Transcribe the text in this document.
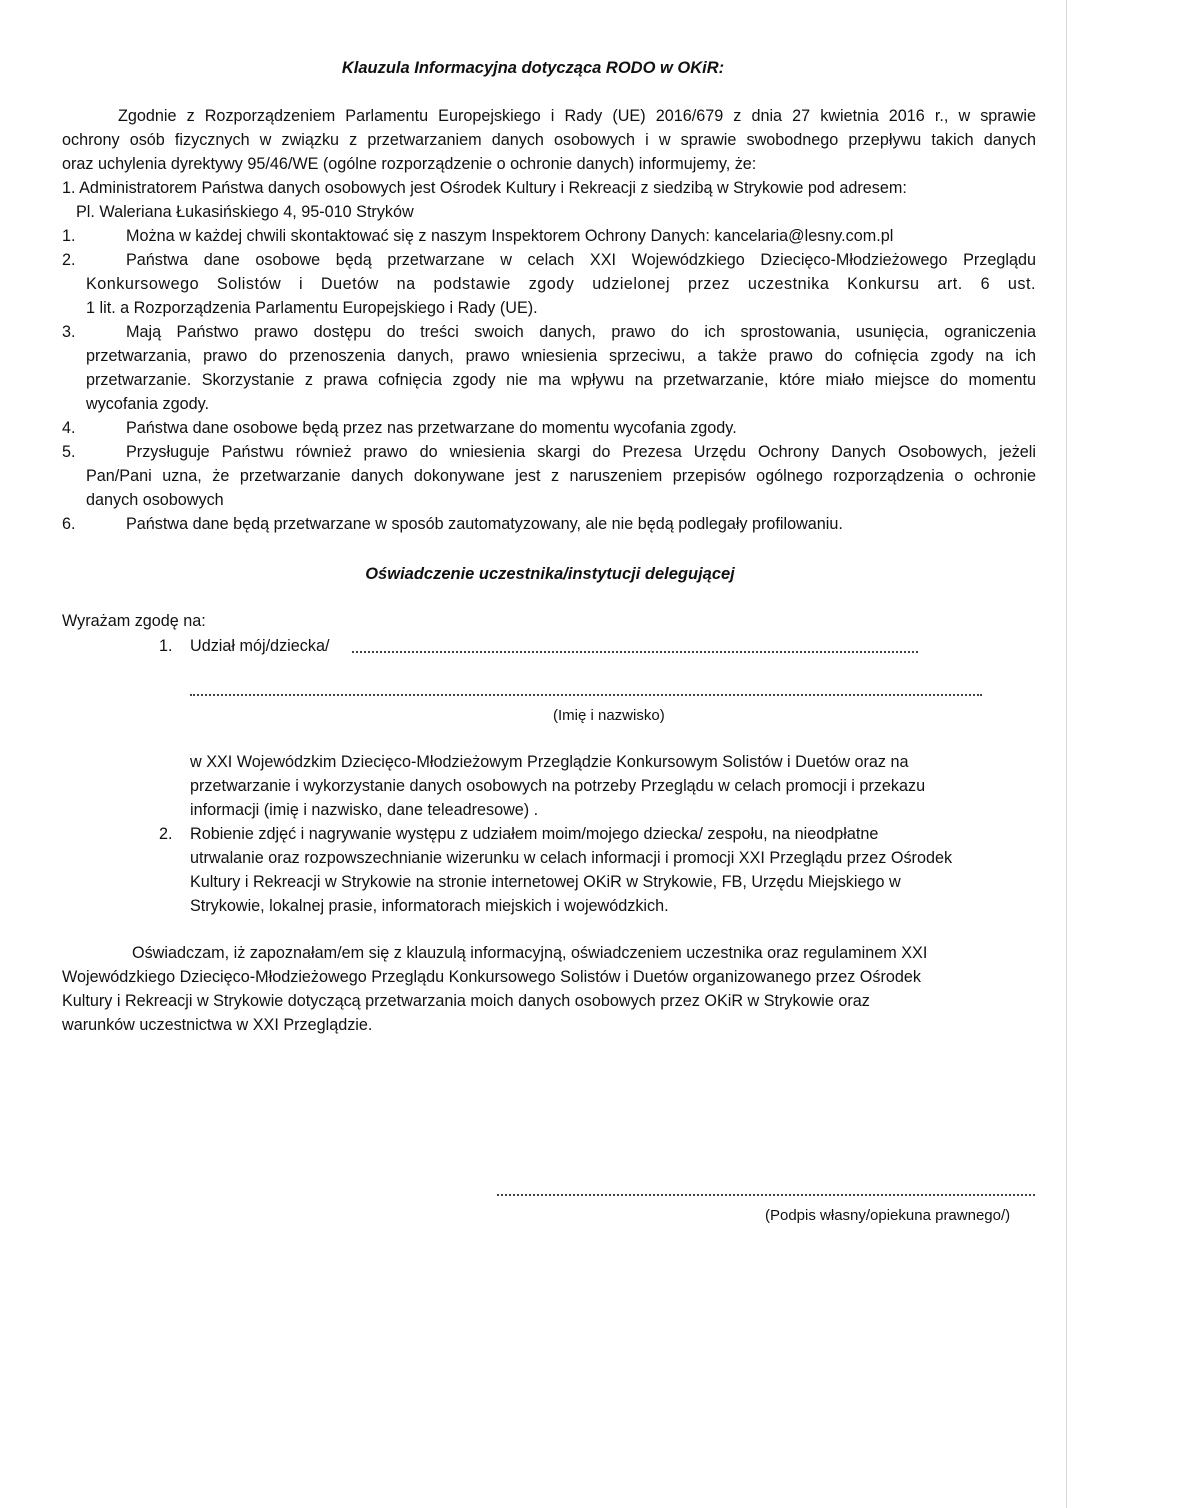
Klauzula Informacyjna dotycząca RODO w OKiR:

Zgodnie z Rozporządzeniem Parlamentu Europejskiego i Rady (UE) 2016/679 z dnia 27 kwietnia 2016 r., w sprawie

ochrony osób fizycznych w związku z przetwarzaniem danych osobowych i w sprawie swobodnego przepływu takich danych

oraz uchylenia dyrektywy 95/46/WE (ogólne rozporządzenie o ochronie danych) informujemy, że:

1. Administratorem Państwa danych osobowych jest Ośrodek Kultury i Rekreacji z siedzibą w Strykowie pod adresem:

Pl. Waleriana Łukasińskiego 4, 95-010 Stryków

1.	Można w każdej chwili skontaktować się z naszym Inspektorem Ochrony Danych: kancelaria@lesny.com.pl

2.	Państwa dane osobowe będą przetwarzane w celach XXI Wojewódzkiego Dziecięco-Młodzieżowego Przeglądu

Konkursowego Solistów i Duetów na podstawie zgody udzielonej przez uczestnika Konkursu art. 6 ust.

1 lit. a Rozporządzenia Parlamentu Europejskiego i Rady (UE).

3.	Mają Państwo prawo dostępu do treści swoich danych, prawo do ich sprostowania, usunięcia, ograniczenia

przetwarzania, prawo do przenoszenia danych, prawo wniesienia sprzeciwu, a także prawo do cofnięcia zgody na ich

przetwarzanie. Skorzystanie z prawa cofnięcia zgody nie ma wpływu na przetwarzanie, które miało miejsce do momentu

wycofania zgody.

4.	Państwa dane osobowe będą przez nas przetwarzane do momentu wycofania zgody.

5.	Przysługuje Państwu również prawo do wniesienia skargi do Prezesa Urzędu Ochrony Danych Osobowych, jeżeli

Pan/Pani uzna, że przetwarzanie danych dokonywane jest z naruszeniem przepisów ogólnego rozporządzenia o ochronie

danych osobowych

6.	Państwa dane będą przetwarzane w sposób zautomatyzowany, ale nie będą podlegały profilowaniu.

Oświadczenie uczestnika/instytucji delegującej

Wyrażam zgodę na:

1. Udział mój/dziecka/

(Imię i nazwisko)

w XXI Wojewódzkim Dziecięco-Młodzieżowym Przeglądzie Konkursowym Solistów i Duetów oraz na

przetwarzanie i wykorzystanie danych osobowych na potrzeby Przeglądu w celach promocji i przekazu

informacji (imię i nazwisko, dane teleadresowe) .

2. Robienie zdjęć i nagrywanie występu z udziałem moim/mojego dziecka/ zespołu, na nieodpłatne

utrwalanie oraz rozpowszechnianie wizerunku w celach informacji i promocji XXI Przeglądu przez Ośrodek

Kultury i Rekreacji w Strykowie na stronie internetowej OKiR w Strykowie, FB, Urzędu Miejskiego w

Strykowie, lokalnej prasie, informatorach miejskich i wojewódzkich.

Oświadczam, iż zapoznałam/em się z klauzulą informacyjną, oświadczeniem uczestnika oraz regulaminem XXI

Wojewódzkiego Dziecięco-Młodzieżowego Przeglądu Konkursowego Solistów i Duetów organizowanego przez Ośrodek

Kultury i Rekreacji w Strykowie dotyczącą przetwarzania moich danych osobowych przez OKiR w Strykowie oraz

warunków uczestnictwa w XXI Przeglądzie.

(Podpis własny/opiekuna prawnego/)
